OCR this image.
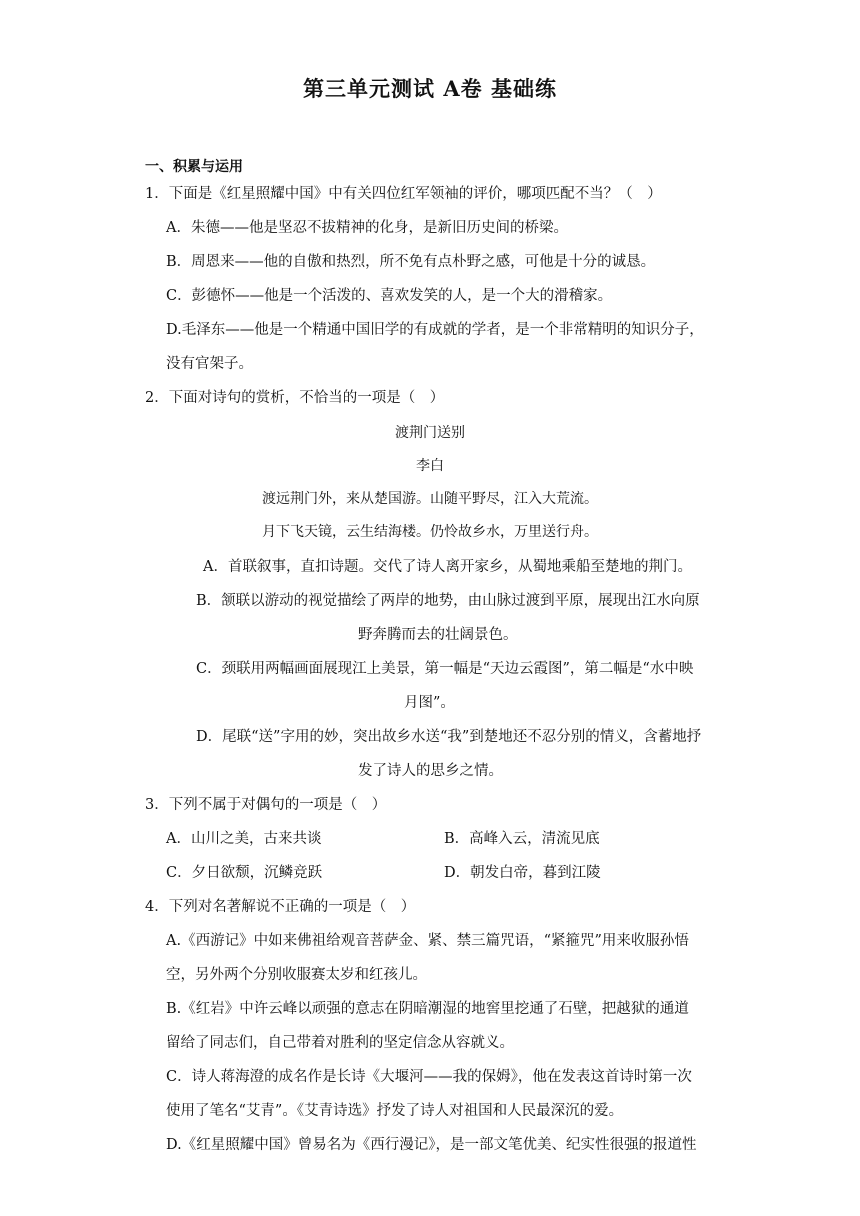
第三单元测试 A卷 基础练
一、积累与运用
1．下面是《红星照耀中国》中有关四位红军领袖的评价，哪项匹配不当？（　）
A．朱德——他是坚忍不拔精神的化身，是新旧历史间的桥梁。
B．周恩来——他的自傲和热烈，所不免有点朴野之感，可他是十分的诚恳。
C．彭德怀——他是一个活泼的、喜欢发笑的人，是一个大的滑稽家。
D.毛泽东——他是一个精通中国旧学的有成就的学者，是一个非常精明的知识分子，
没有官架子。
2．下面对诗句的赏析，不恰当的一项是（　）
渡荆门送别
李白
渡远荆门外，来从楚国游。山随平野尽，江入大荒流。
月下飞天镜，云生结海楼。仍怜故乡水，万里送行舟。
A．首联叙事，直扣诗题。交代了诗人离开家乡，从蜀地乘船至楚地的荆门。
B．颔联以游动的视觉描绘了两岸的地势，由山脉过渡到平原，展现出江水向原
野奔腾而去的壮阔景色。
C．颈联用两幅画面展现江上美景，第一幅是“天边云霞图”，第二幅是“水中映
月图”。
D．尾联“送”字用的妙，突出故乡水送“我”到楚地还不忍分别的情义，含蓄地抒
发了诗人的思乡之情。
3．下列不属于对偶句的一项是（　）
A．山川之美，古来共谈	B．高峰入云，清流见底
C．夕日欲颓，沉鳞竞跃	D．朝发白帝，暮到江陵
4．下列对名著解说不正确的一项是（　）
A.《西游记》中如来佛祖给观音菩萨金、紧、禁三篇咒语，“紧箍咒”用来收服孙悟
空，另外两个分别收服赛太岁和红孩儿。
B.《红岩》中许云峰以顽强的意志在阴暗潮湿的地窖里挖通了石壁，把越狱的通道
留给了同志们，自己带着对胜利的坚定信念从容就义。
C．诗人蒋海澄的成名作是长诗《大堰河——我的保姆》，他在发表这首诗时第一次
使用了笔名“艾青”。《艾青诗选》抒发了诗人对祖国和人民最深沉的爱。
D.《红星照耀中国》曾易名为《西行漫记》，是一部文笔优美、纪实性很强的报道性
